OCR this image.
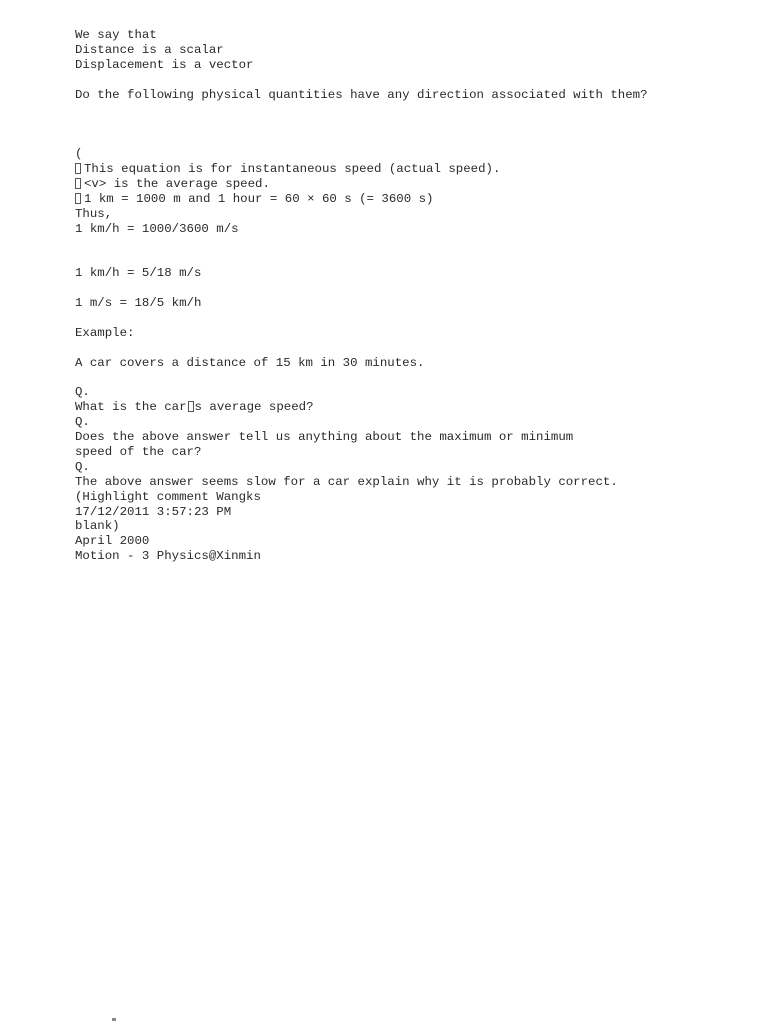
We say that
Distance is a scalar
Displacement is a vector
Do the following physical quantities have any direction associated with them?
(
This equation is for instantaneous speed (actual speed).
<v> is the average speed.
1 km = 1000 m and 1 hour = 60 × 60 s (= 3600 s)
Thus,
1 km/h = 1000/3600 m/s
1 km/h = 5/18 m/s
1 m/s = 18/5 km/h
Example:
A car covers a distance of 15 km in 30 minutes.
Q.
What is the car s average speed?
Q.
Does the above answer tell us anything about the maximum or minimum
speed of the car?
Q.
The above answer seems slow for a car explain why it is probably correct.
(Highlight comment Wangks
17/12/2011 3:57:23 PM
blank)
April 2000
Motion - 3 Physics@Xinmin
